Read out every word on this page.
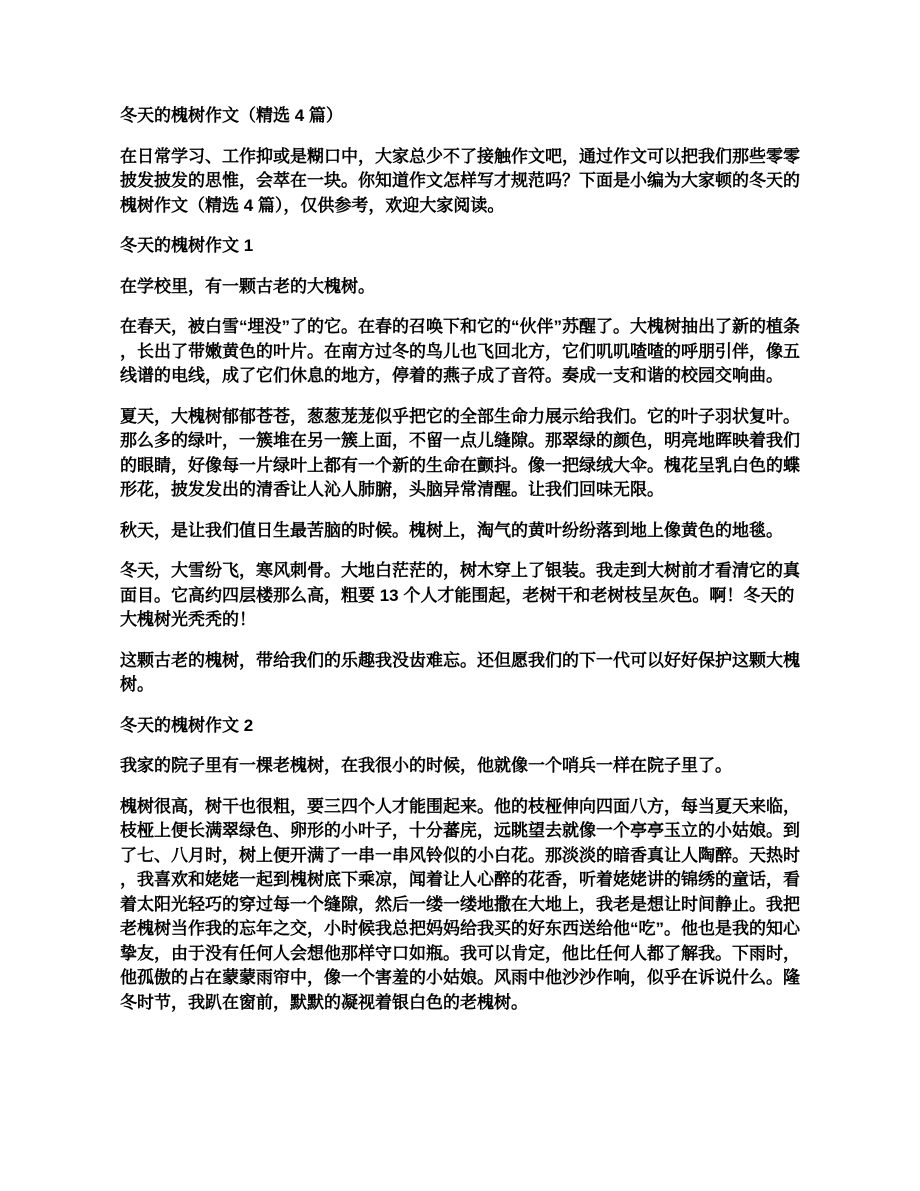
冬天的槐树作文（精选 4 篇）

在日常学习、工作抑或是糊口中，大家总少不了接触作文吧，通过作文可以把我们那些零零披发披发的思惟，会萃在一块。你知道作文怎样写才规范吗？下面是小编为大家顿的冬天的槐树作文（精选 4 篇），仅供参考，欢迎大家阅读。

冬天的槐树作文 1

在学校里，有一颗古老的大槐树。

在春天，被白雪“埋没”了的它。在春的召唤下和它的“伙伴”苏醒了。大槐树抽出了新的植条，长出了带嫩黄色的叶片。在南方过冬的鸟儿也飞回北方，它们叽叽喳喳的呼朋引伴，像五线谱的电线，成了它们休息的地方，停着的燕子成了音符。奏成一支和谐的校园交响曲。

夏天，大槐树郁郁苍苍，葱葱茏茏似乎把它的全部生命力展示给我们。它的叶子羽状复叶。那么多的绿叶，一簇堆在另一簇上面，不留一点儿缝隙。那翠绿的颜色，明亮地晖映着我们的眼睛，好像每一片绿叶上都有一个新的生命在颤抖。像一把绿绒大伞。槐花呈乳白色的蝶形花，披发发出的清香让人沁人肺腑，头脑异常清醒。让我们回味无限。

秋天，是让我们值日生最苦脑的时候。槐树上，淘气的黄叶纷纷落到地上像黄色的地毯。

冬天，大雪纷飞，寒风刺骨。大地白茫茫的，树木穿上了银装。我走到大树前才看清它的真面目。它高约四层楼那么高，粗要 13 个人才能围起，老树干和老树枝呈灰色。啊！冬天的大槐树光秃秃的！

这颗古老的槐树，带给我们的乐趣我没齿难忘。还但愿我们的下一代可以好好保护这颗大槐树。

冬天的槐树作文 2

我家的院子里有一棵老槐树，在我很小的时候，他就像一个哨兵一样在院子里了。

槐树很高，树干也很粗，要三四个人才能围起来。他的枝桠伸向四面八方，每当夏天来临，枝桠上便长满翠绿色、卵形的小叶子，十分蕃庑，远眺望去就像一个亭亭玉立的小姑娘。到了七、八月时，树上便开满了一串一串风铃似的小白花。那淡淡的暗香真让人陶醉。天热时，我喜欢和姥姥一起到槐树底下乘凉，闻着让人心醉的花香，听着姥姥讲的锦绣的童话，看着太阳光轻巧的穿过每一个缝隙，然后一缕一缕地撒在大地上，我老是想让时间静止。我把老槐树当作我的忘年之交，小时候我总把妈妈给我买的好东西送给他“吃”。他也是我的知心挚友，由于没有任何人会想他那样守口如瓶。我可以肯定，他比任何人都了解我。下雨时，他孤傲的占在蒙蒙雨帘中，像一个害羞的小姑娘。风雨中他沙沙作响，似乎在诉说什么。隆冬时节，我趴在窗前，默默的凝视着银白色的老槐树。
